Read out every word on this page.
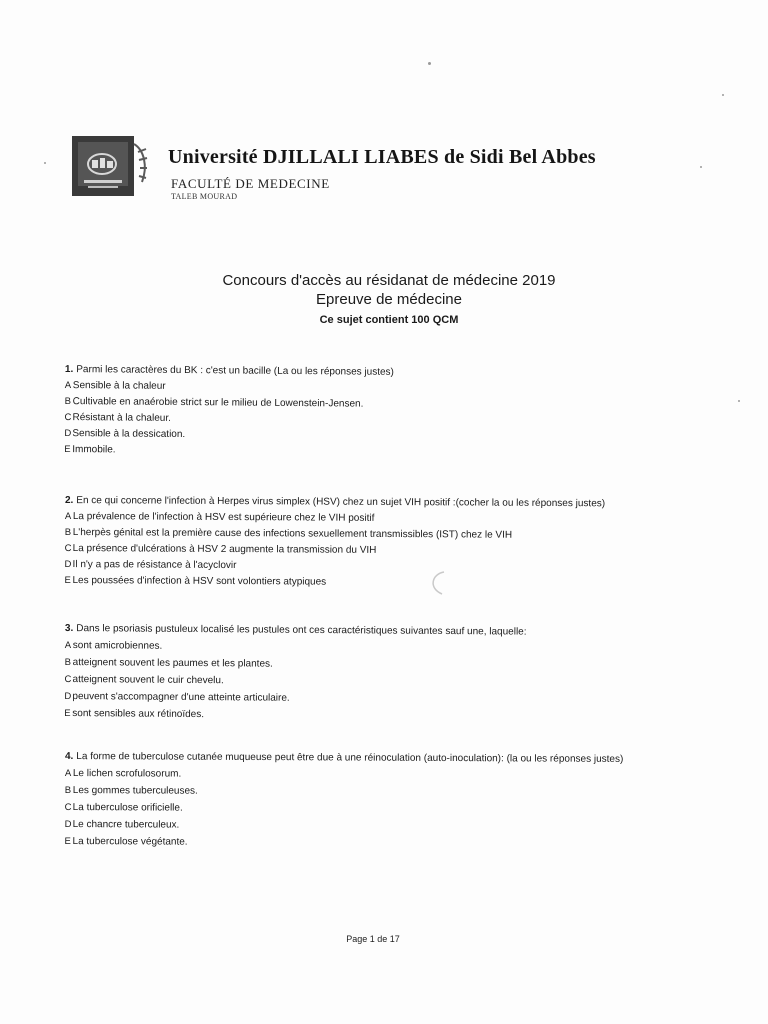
Université DJILLALI LIABES de Sidi Bel Abbes
FACULTÉ DE MEDECINE
TALEB MOURAD
Concours d'accès au résidanat de médecine 2019
Epreuve de médecine
Ce sujet contient 100 QCM
1. Parmi les caractères du BK : c'est un bacille (La ou les réponses justes)
A Sensible à la chaleur
B Cultivable en anaérobie strict sur le milieu de Lowenstein-Jensen.
CRésistant à la chaleur.
DSensible à la dessication.
E Immobile.
2. En ce qui concerne l'infection à Herpes virus simplex (HSV) chez un sujet VIH positif :(cocher la ou les réponses justes)
A La prévalence de l'infection à HSV est supérieure chez le VIH positif
B L'herpès génital est la première cause des infections sexuellement transmissibles (IST) chez le VIH
CLa présence d'ulcérations à HSV 2 augmente la transmission du VIH
DIl n'y a pas de résistance à l'acyclovir
E Les poussées d'infection à HSV sont volontiers atypiques
3. Dans le psoriasis pustuleux localisé les pustules ont ces caractéristiques suivantes sauf une, laquelle:
A sont amicrobiennes.
B atteignent souvent les paumes et les plantes.
Catteignent souvent le cuir chevelu.
Dpeuvent s'accompagner d'une atteinte articulaire.
E sont sensibles aux rétinoïdes.
4. La forme de tuberculose cutanée muqueuse peut être due à une réinoculation (auto-inoculation): (la ou les réponses justes)
A Le lichen scrofulosorum.
B Les gommes tuberculeuses.
CLa tuberculose orificielle.
DLe chancre tuberculeux.
E La tuberculose végétante.
Page 1 de 17
